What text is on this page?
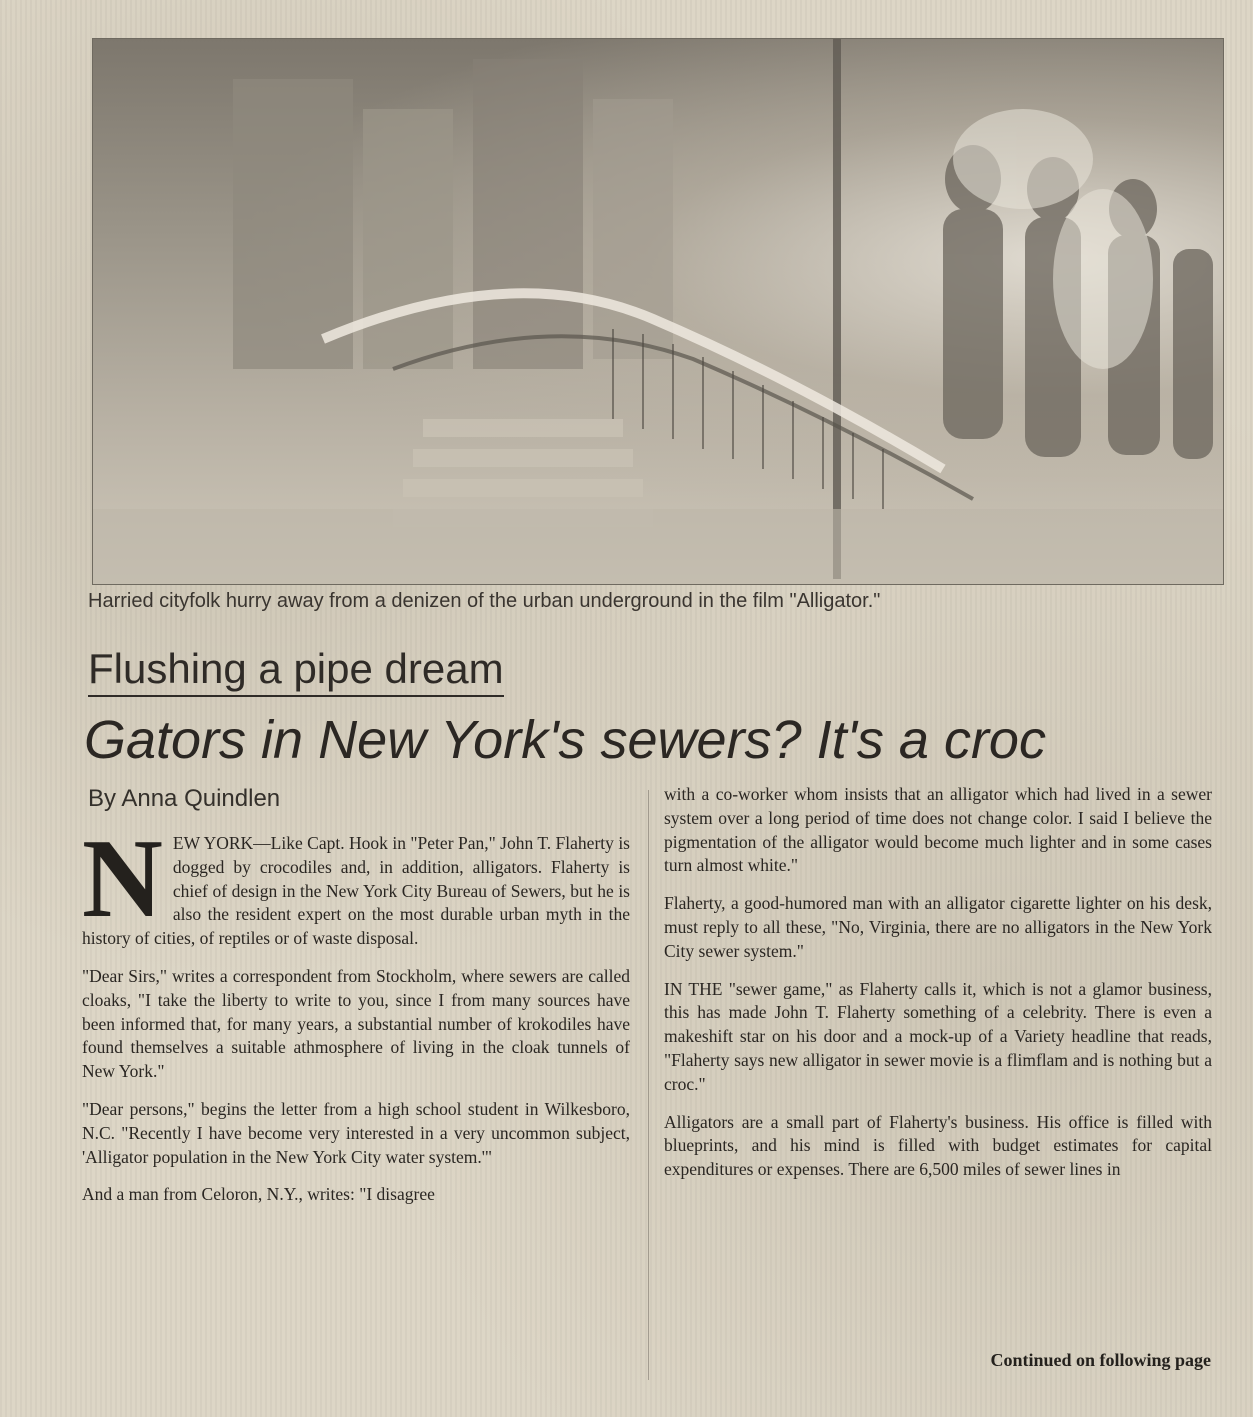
Harried cityfolk hurry away from a denizen of the urban underground in the film "Alligator."
Flushing a pipe dream
Gators in New York's sewers? It's a croc
By Anna Quindlen

NEW YORK—Like Capt. Hook in "Peter Pan," John T. Flaherty is dogged by crocodiles and, in addition, alligators. Flaherty is chief of design in the New York City Bureau of Sewers, but he is also the resident expert on the most durable urban myth in the history of cities, of reptiles or of waste disposal.

"Dear Sirs," writes a correspondent from Stockholm, where sewers are called cloaks, "I take the liberty to write to you, since I from many sources have been informed that, for many years, a substantial number of krokodiles have found themselves a suitable athmosphere of living in the cloak tunnels of New York."

"Dear persons," begins the letter from a high school student in Wilkesboro, N.C. "Recently I have become very interested in a very uncommon subject, 'Alligator population in the New York City water system.'"

And a man from Celoron, N.Y., writes: "I disagree

with a co-worker whom insists that an alligator which had lived in a sewer system over a long period of time does not change color. I said I believe the pigmentation of the alligator would become much lighter and in some cases turn almost white."

Flaherty, a good-humored man with an alligator cigarette lighter on his desk, must reply to all these, "No, Virginia, there are no alligators in the New York City sewer system."

IN THE "sewer game," as Flaherty calls it, which is not a glamor business, this has made John T. Flaherty something of a celebrity. There is even a makeshift star on his door and a mock-up of a Variety headline that reads, "Flaherty says new alligator in sewer movie is a flimflam and is nothing but a croc."

Alligators are a small part of Flaherty's business. His office is filled with blueprints, and his mind is filled with budget estimates for capital expenditures or expenses. There are 6,500 miles of sewer lines in

Continued on following page
